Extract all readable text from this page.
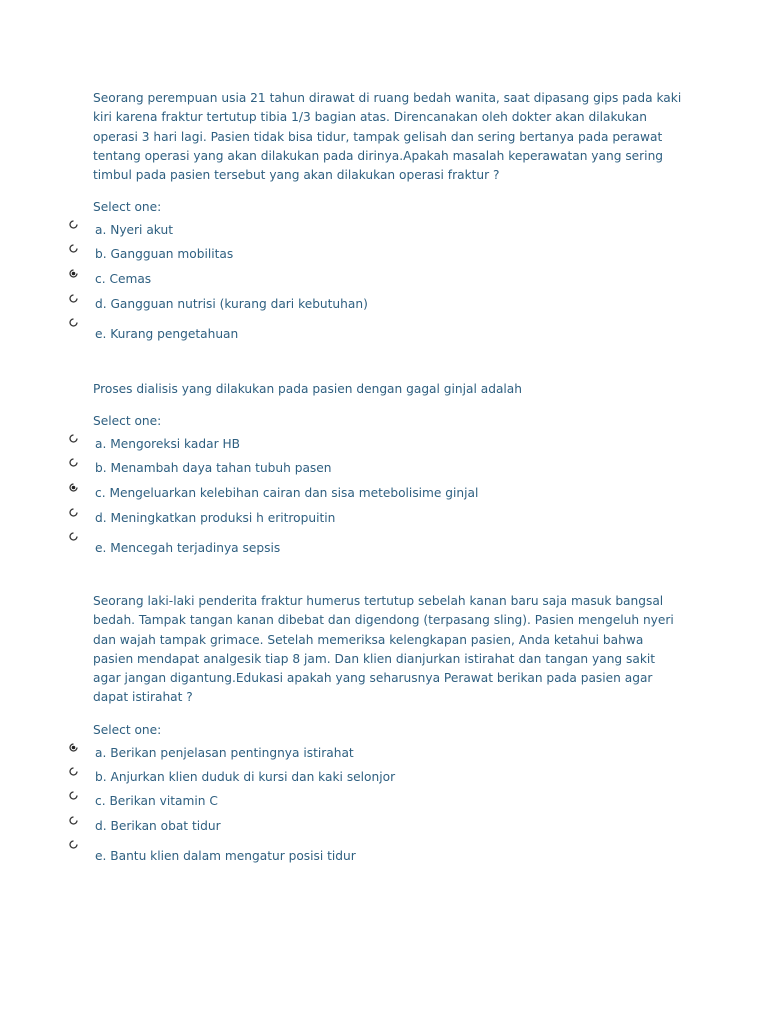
Seorang perempuan usia 21 tahun dirawat di ruang bedah wanita, saat dipasang gips pada kaki kiri karena fraktur tertutup tibia 1/3 bagian atas. Direncanakan oleh dokter akan dilakukan operasi 3 hari lagi. Pasien tidak bisa tidur, tampak gelisah dan sering bertanya pada perawat tentang operasi yang akan dilakukan pada dirinya.Apakah masalah keperawatan yang sering timbul pada pasien tersebut yang akan dilakukan operasi fraktur ?

Select one:

a. Nyeri akut
b. Gangguan mobilitas
c. Cemas
d. Gangguan nutrisi (kurang dari kebutuhan)
e. Kurang pengetahuan

Proses dialisis yang dilakukan pada pasien dengan gagal ginjal adalah

Select one:

a. Mengoreksi kadar HB
b. Menambah daya tahan tubuh pasen
c. Mengeluarkan kelebihan cairan dan sisa metebolisime ginjal
d. Meningkatkan produksi h eritropuitin
e. Mencegah terjadinya sepsis

Seorang laki-laki penderita fraktur humerus tertutup sebelah kanan baru saja masuk bangsal bedah. Tampak tangan kanan dibebat dan digendong (terpasang sling). Pasien mengeluh nyeri dan wajah tampak grimace. Setelah memeriksa kelengkapan pasien, Anda ketahui bahwa pasien mendapat analgesik tiap 8 jam. Dan klien dianjurkan istirahat dan tangan yang sakit agar jangan digantung.Edukasi apakah yang seharusnya Perawat berikan pada pasien agar dapat istirahat ?

Select one:

a. Berikan penjelasan pentingnya istirahat
b. Anjurkan klien duduk di kursi dan kaki selonjor
c. Berikan vitamin C
d. Berikan obat tidur
e. Bantu klien dalam mengatur posisi tidur
